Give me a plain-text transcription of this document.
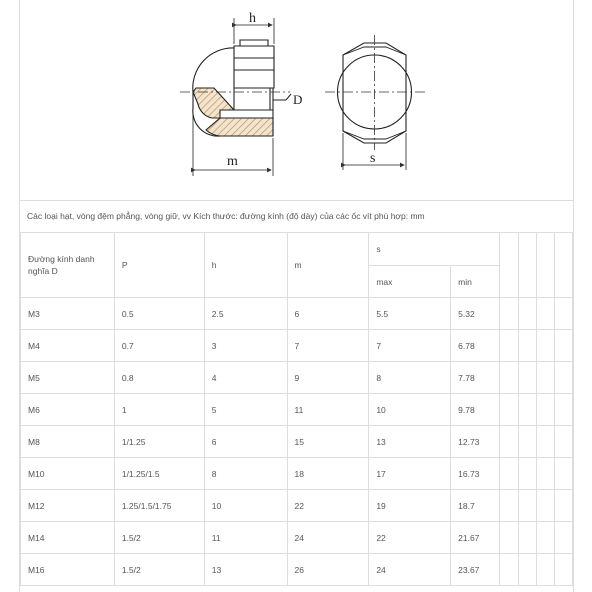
D
h
m	s
Các loại hạt, vòng đệm phẳng, vòng giữ, vv Kích thước: đường kính (độ dày) của các ốc vít phù hợp: mm
Đường kính danh nghĩa D	P	h	m	s					
				max	min				
M3	0.5	2.5	6	5.5	5.32				
M4	0.7	3	7	7	6.78				
M5	0.8	4	9	8	7.78				
M6	1	5	11	10	9.78				
M8	1/1.25	6	15	13	12.73				
M10	1/1.25/1.5	8	18	17	16.73				
M12	1.25/1.5/1.75	10	22	19	18.7				
M14	1.5/2	11	24	22	21.67				
M16	1.5/2	13	26	24	23.67				
